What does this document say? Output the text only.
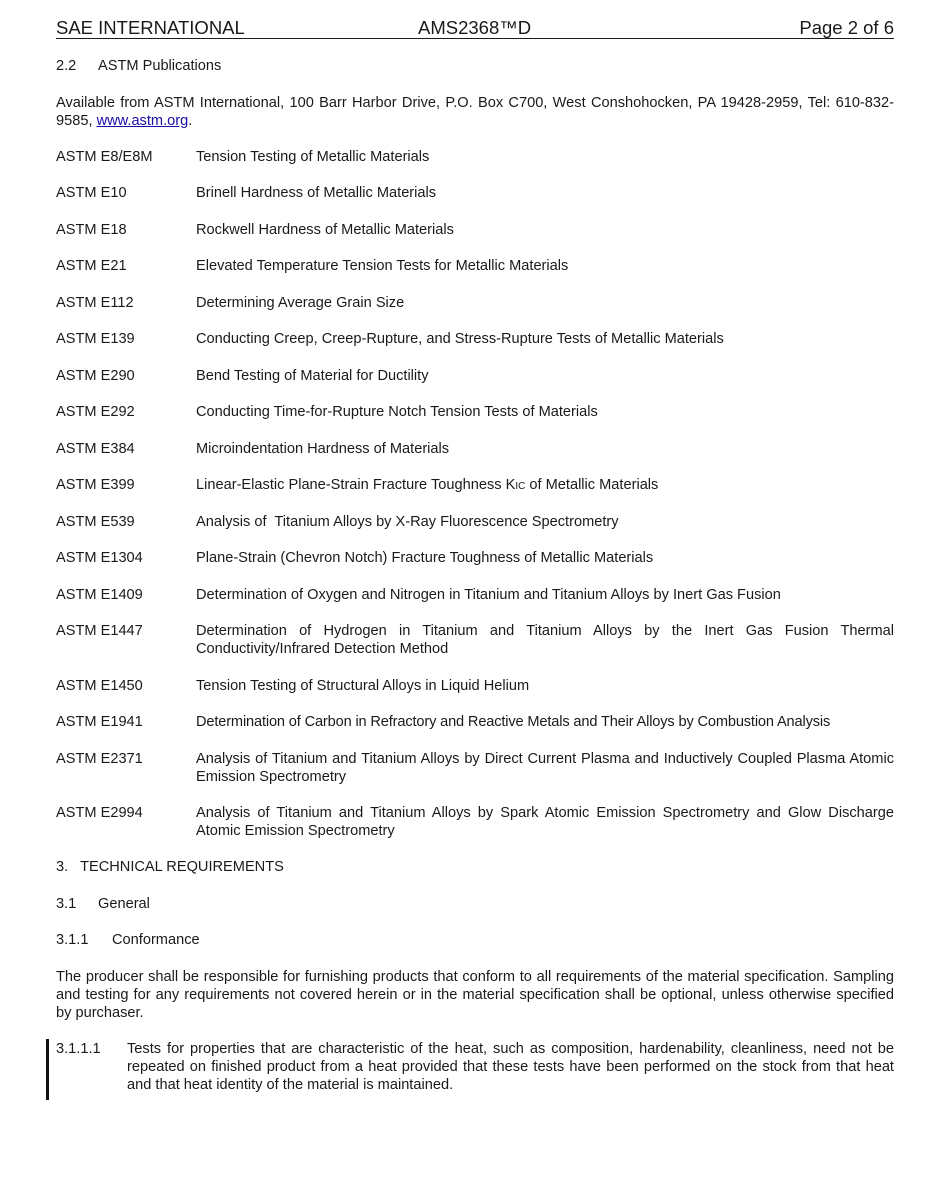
SAE INTERNATIONAL	AMS2368™D	Page 2 of 6
2.2 ASTM Publications

Available from ASTM International, 100 Barr Harbor Drive, P.O. Box C700, West Conshohocken, PA 19428-2959, Tel: 610-832-9585, www.astm.org.

ASTM E8/E8M	Tension Testing of Metallic Materials
ASTM E10	Brinell Hardness of Metallic Materials
ASTM E18	Rockwell Hardness of Metallic Materials
ASTM E21	Elevated Temperature Tension Tests for Metallic Materials
ASTM E112	Determining Average Grain Size
ASTM E139	Conducting Creep, Creep-Rupture, and Stress-Rupture Tests of Metallic Materials
ASTM E290	Bend Testing of Material for Ductility
ASTM E292	Conducting Time-for-Rupture Notch Tension Tests of Materials
ASTM E384	Microindentation Hardness of Materials
ASTM E399	Linear-Elastic Plane-Strain Fracture Toughness KIC of Metallic Materials
ASTM E539	Analysis of  Titanium Alloys by X-Ray Fluorescence Spectrometry
ASTM E1304	Plane-Strain (Chevron Notch) Fracture Toughness of Metallic Materials
ASTM E1409	Determination of Oxygen and Nitrogen in Titanium and Titanium Alloys by Inert Gas Fusion
ASTM E1447	Determination of Hydrogen in Titanium and Titanium Alloys by the Inert Gas Fusion Thermal Conductivity/Infrared Detection Method
ASTM E1450	Tension Testing of Structural Alloys in Liquid Helium
ASTM E1941	Determination of Carbon in Refractory and Reactive Metals and Their Alloys by Combustion Analysis
ASTM E2371	Analysis of Titanium and Titanium Alloys by Direct Current Plasma and Inductively Coupled Plasma Atomic Emission Spectrometry
ASTM E2994	Analysis of Titanium and Titanium Alloys by Spark Atomic Emission Spectrometry and Glow Discharge Atomic Emission Spectrometry
3.   TECHNICAL REQUIREMENTS
3.1 General
3.1.1 Conformance

The producer shall be responsible for furnishing products that conform to all requirements of the material specification. Sampling and testing for any requirements not covered herein or in the material specification shall be optional, unless otherwise specified by purchaser.

3.1.1.1 Tests for properties that are characteristic of the heat, such as composition, hardenability, cleanliness, need not be repeated on finished product from a heat provided that these tests have been performed on the stock from that heat and that heat identity of the material is maintained.
